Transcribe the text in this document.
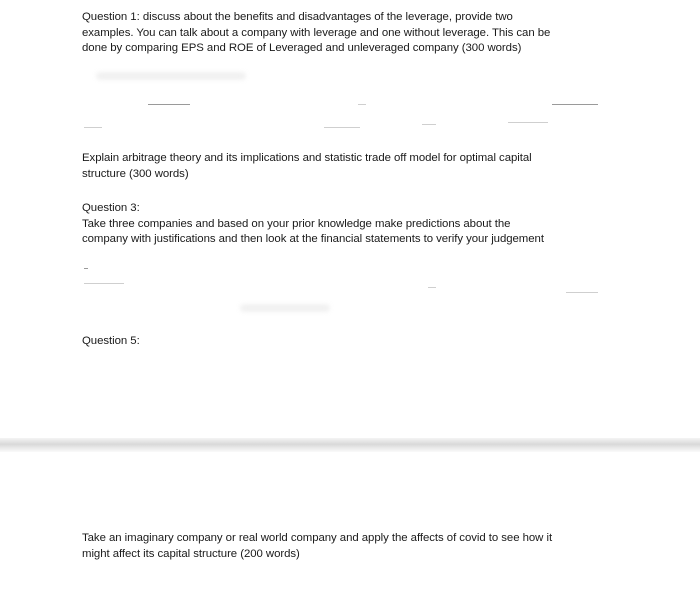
Question 1: discuss about the benefits and disadvantages of the leverage, provide two
examples. You can talk about a company with leverage and one without leverage. This can be
done by comparing EPS and ROE of Leveraged and unleveraged company (300 words)

Explain arbitrage theory and its implications and statistic trade off model for optimal capital
structure (300 words)

Question 3:
Take three companies and based on your prior knowledge make predictions about the
company with justifications and then look at the financial statements to verify your judgement

Question 5:

Take an imaginary company or real world company and apply the affects of covid to see how it
might affect its capital structure (200 words)
